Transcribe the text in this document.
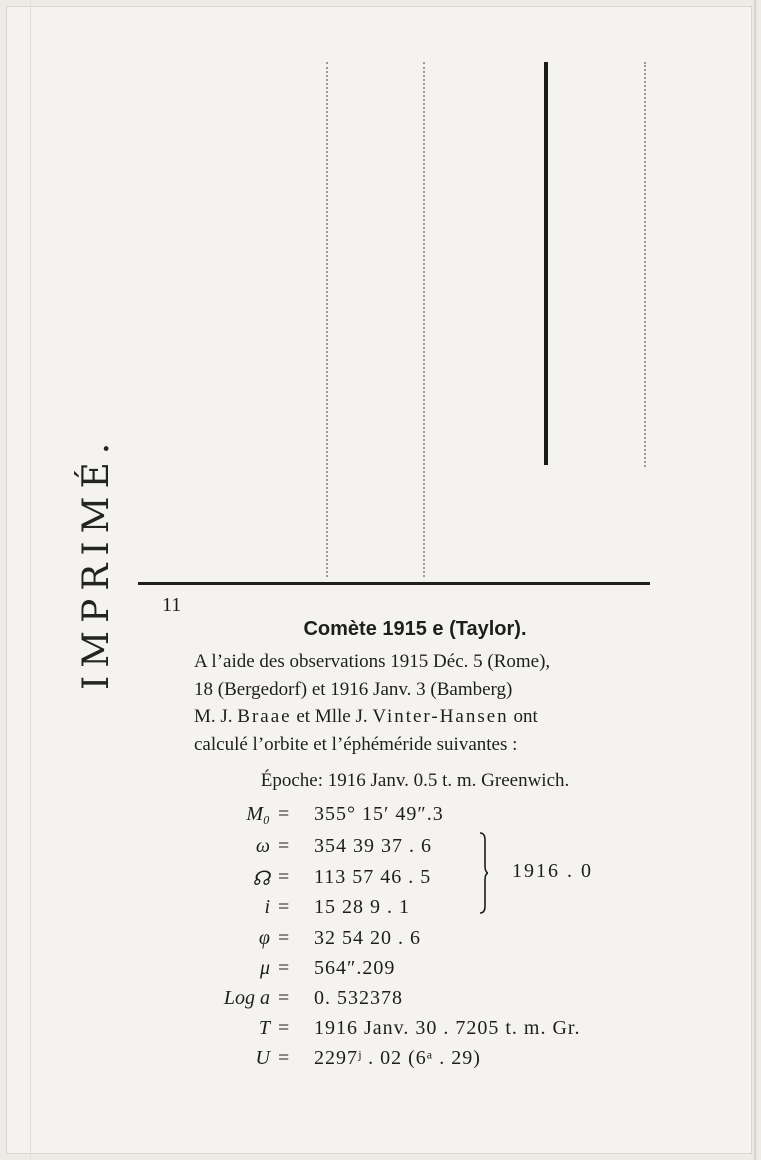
IMPRIMÉ. 11
Comète 1915 e (Taylor).
A l’aide des observations 1915 Déc. 5 (Rome),
18 (Bergedorf) et 1916 Janv. 3 (Bamberg)
M. J. Braae et Mlle J. Vinter-Hansen ont
calculé l’orbite et l’éphéméride suivantes :
Époche: 1916 Janv. 0.5 t. m. Greenwich.
M₀ = 355° 15′ 49″.3
ω = 354 39 37 . 6
☊ = 113 57 46 . 5
i = 15 28 9 . 1
φ = 32 54 20 . 6
μ = 564″.209
Log a = 0. 532378
T = 1916 Janv. 30 . 7205 t. m. Gr.
U = 2297ʲ . 02 (6ᵃ . 29)
1916 . 0
